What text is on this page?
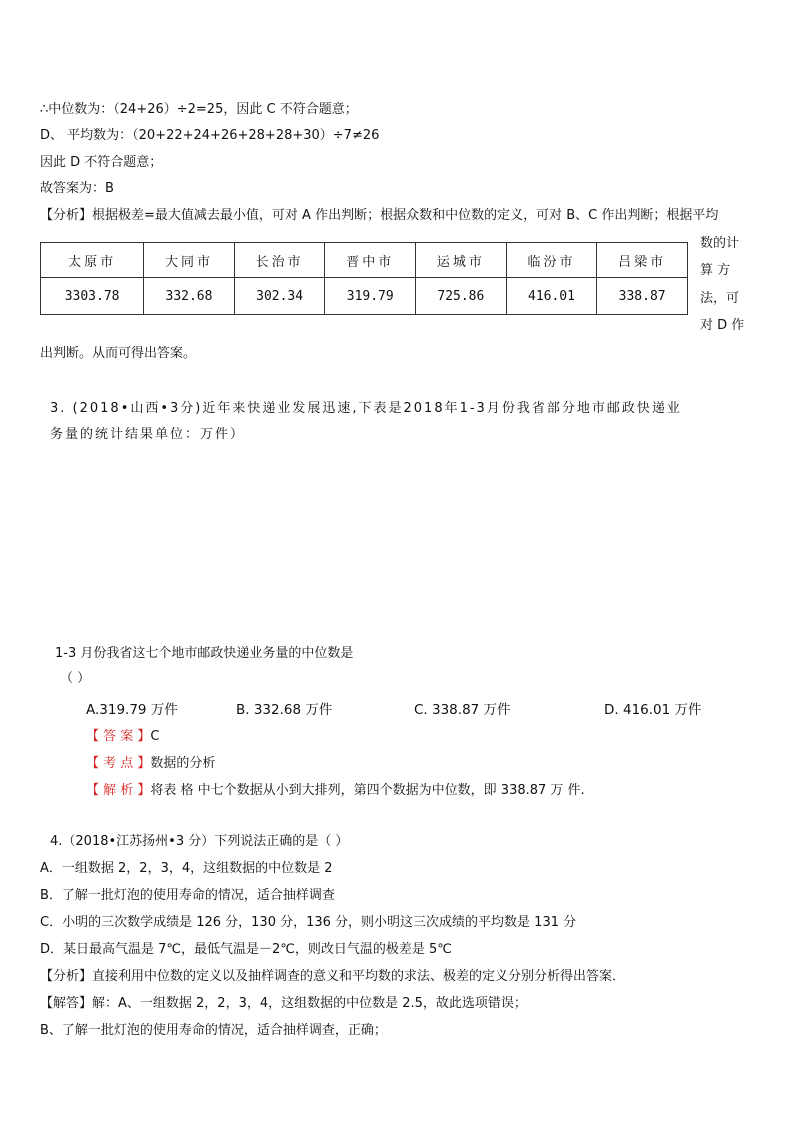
∴中位数为：（24+26）÷2=25，因此 C 不符合题意；
D、 平均数为：（20+22+24+26+28+28+30）÷7≠26
因此 D 不符合题意；
故答案为：B
【分析】根据极差=最大值减去最小值，可对 A 作出判断；根据众数和中位数的定义，可对 B、C 作出判断；根据平均
太原市	大同市	长治市	晋中市	运城市	临汾市	吕梁市
3303.78	332.68	302.34	319.79	725.86	416.01	338.87
数的计
算 方
法，可
对 D 作
出判断。从而可得出答案。
3. (2018•山西•3分)近年来快递业发展迅速,下表是2018年1-3月份我省部分地市邮政快递业
务量的统计结果单位：万件）
1-3 月份我省这七个地市邮政快递业务量的中位数是
（ ）
A.319.79 万件	B. 332.68 万件	C. 338.87 万件	D. 416.01 万件
【 答 案 】C
【 考 点 】数据的分析
【 解 析 】将表 格 中七个数据从小到大排列，第四个数据为中位数，即 338.87 万 件.
4.（2018•江苏扬州•3 分）下列说法正确的是（ ）
A．一组数据 2，2，3，4，这组数据的中位数是 2
B．了解一批灯泡的使用寿命的情况，适合抽样调查
C．小明的三次数学成绩是 126 分，130 分，136 分，则小明这三次成绩的平均数是 131 分
D．某日最高气温是 7℃，最低气温是－2℃，则改日气温的极差是 5℃
【分析】直接利用中位数的定义以及抽样调查的意义和平均数的求法、极差的定义分别分析得出答案．
【解答】解：A、一组数据 2，2，3，4，这组数据的中位数是 2.5，故此选项错误；
B、了解一批灯泡的使用寿命的情况，适合抽样调查，正确；
